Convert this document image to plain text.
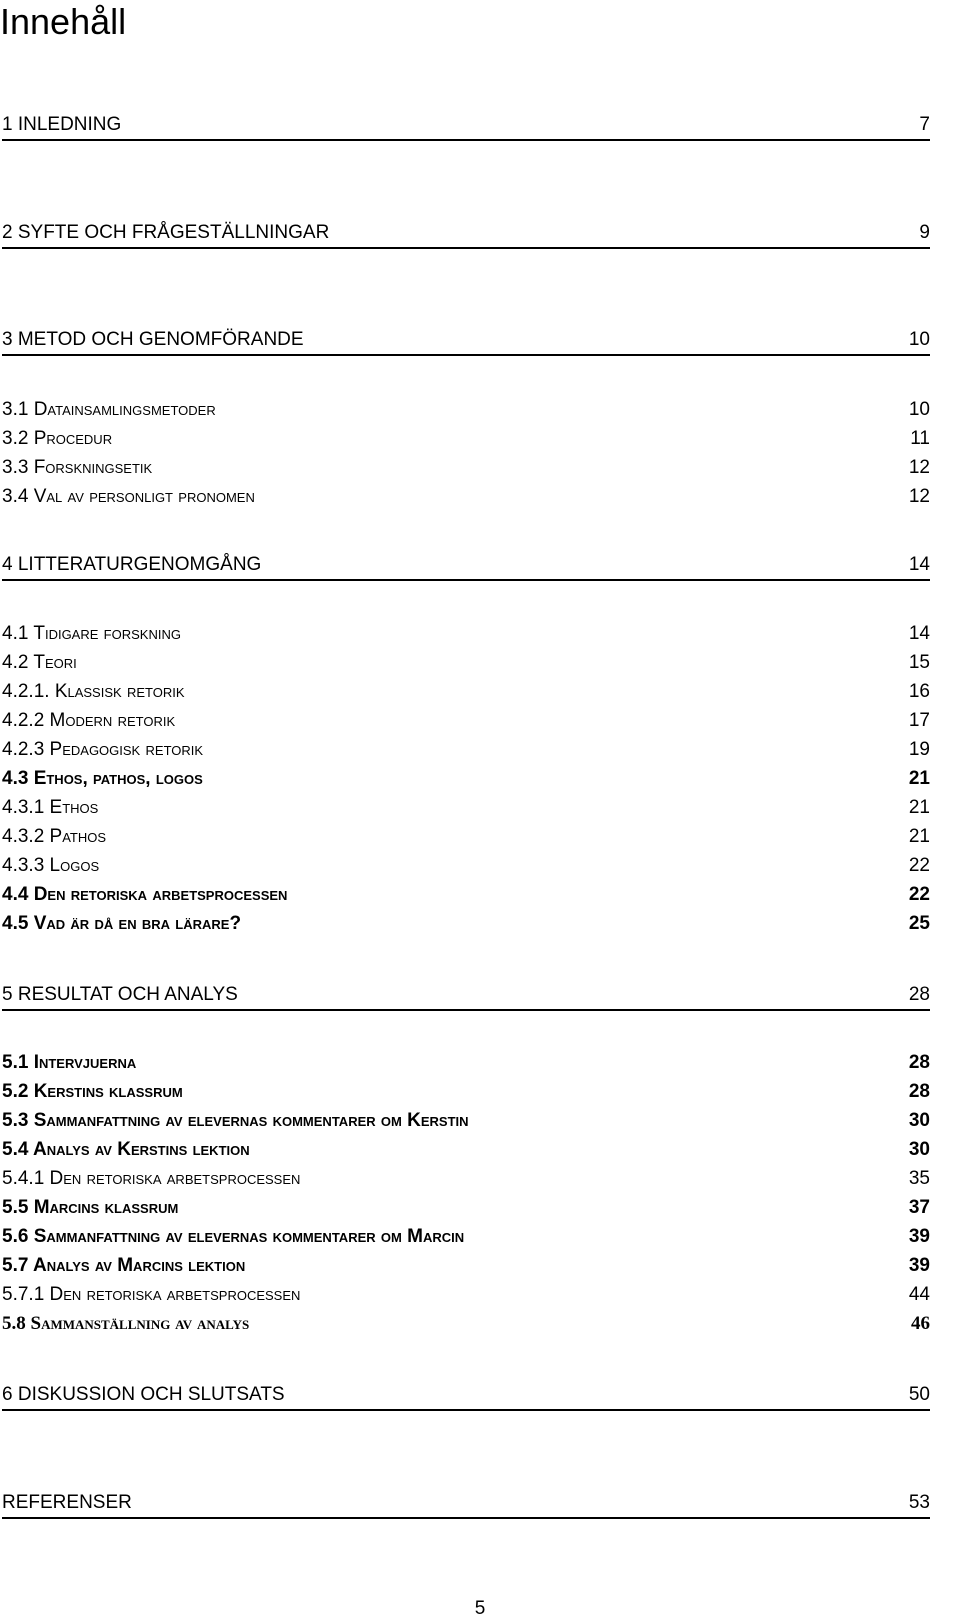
Innehåll
1 INLEDNING	7
2 SYFTE OCH FRÅGESTÄLLNINGAR	9
3 METOD OCH GENOMFÖRANDE	10
3.1 Datainsamlingsmetoder	10
3.2 Procedur	11
3.3 Forskningsetik	12
3.4 Val av personligt pronomen	12
4 LITTERATURGENOMGÅNG	14
4.1 Tidigare forskning	14
4.2 Teori	15
4.2.1. Klassisk retorik	16
4.2.2 Modern retorik	17
4.2.3 Pedagogisk retorik	19
4.3 Ethos, pathos, logos	21
4.3.1 Ethos	21
4.3.2 Pathos	21
4.3.3 Logos	22
4.4 Den retoriska arbetsprocessen	22
4.5 Vad är då en bra lärare?	25
5 RESULTAT OCH ANALYS	28
5.1 Intervjuerna	28
5.2 Kerstins klassrum	28
5.3 Sammanfattning av elevernas kommentarer om Kerstin	30
5.4 Analys av Kerstins lektion	30
5.4.1 Den retoriska arbetsprocessen	35
5.5 Marcins klassrum	37
5.6 Sammanfattning av elevernas kommentarer om Marcin	39
5.7 Analys av Marcins lektion	39
5.7.1 Den retoriska arbetsprocessen	44
5.8 Sammanställning av analys	46
6 DISKUSSION OCH SLUTSATS	50
REFERENSER	53
5
